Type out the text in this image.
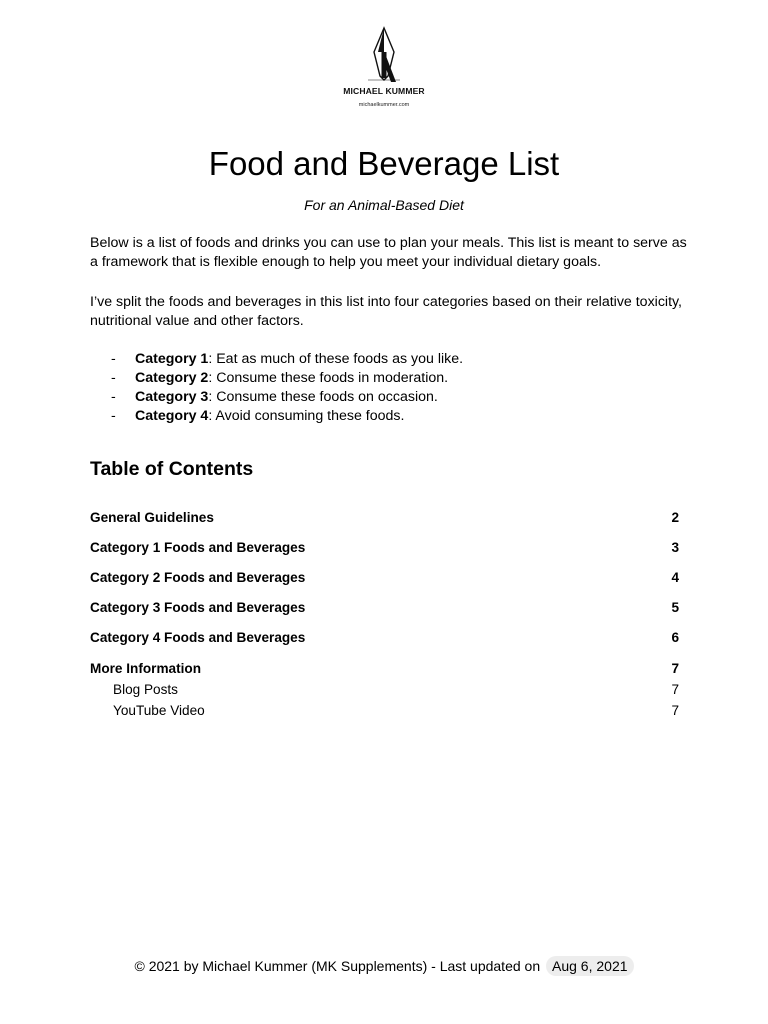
MICHAEL KUMMER
michaelkummer.com
Food and Beverage List
For an Animal-Based Diet

Below is a list of foods and drinks you can use to plan your meals. This list is meant to serve as a framework that is flexible enough to help you meet your individual dietary goals.

I’ve split the foods and beverages in this list into four categories based on their relative toxicity, nutritional value and other factors.

- Category 1: Eat as much of these foods as you like.
- Category 2: Consume these foods in moderation.
- Category 3: Consume these foods on occasion.
- Category 4: Avoid consuming these foods.
Table of Contents
General Guidelines	2
Category 1 Foods and Beverages	3
Category 2 Foods and Beverages	4
Category 3 Foods and Beverages	5
Category 4 Foods and Beverages	6
More Information	7
Blog Posts	7
YouTube Video	7
© 2021 by Michael Kummer (MK Supplements) - Last updated on Aug 6, 2021
